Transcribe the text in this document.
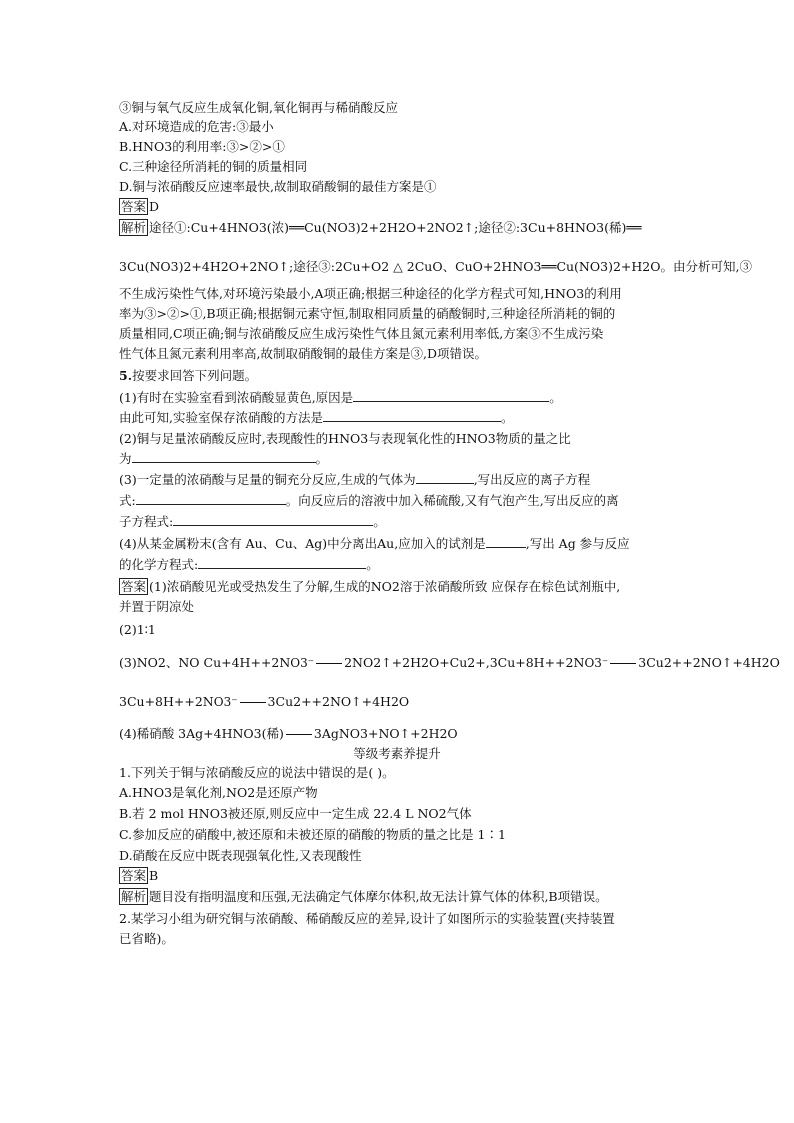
③铜与氧气反应生成氧化铜,氧化铜再与稀硝酸反应
A.对环境造成的危害:③最小
B.HNO3的利用率:③>②>①
C.三种途径所消耗的铜的质量相同
D.铜与浓硝酸反应速率最快,故制取硝酸铜的最佳方案是①
答案 D
解析 途径①:Cu+4HNO3(浓)══Cu(NO3)2+2H2O+2NO2↑;途径②:3Cu+8HNO3(稀)══
3Cu(NO3)2+4H2O+2NO↑;途径③:2Cu+O2 △ 2CuO、CuO+2HNO3══Cu(NO3)2+H2O。由分析可知,③
不生成污染性气体,对环境污染最小,A项正确;根据三种途径的化学方程式可知,HNO3的利用
率为③>②>①,B项正确;根据铜元素守恒,制取相同质量的硝酸铜时,三种途径所消耗的铜的
质量相同,C项正确;铜与浓硝酸反应生成污染性气体且氮元素利用率低,方案③不生成污染
性气体且氮元素利用率高,故制取硝酸铜的最佳方案是③,D项错误。
5.按要求回答下列问题。
(1)有时在实验室看到浓硝酸显黄色,原因是	。
由此可知,实验室保存浓硝酸的方法是	。
(2)铜与足量浓硝酸反应时,表现酸性的HNO3与表现氧化性的HNO3物质的量之比
为	。
(3)一定量的浓硝酸与足量的铜充分反应,生成的气体为	,写出反应的离子方程
式:	。向反应后的溶液中加入稀硫酸,又有气泡产生,写出反应的离
子方程式:	。
(4)从某金属粉末(含有 Au、Cu、Ag)中分离出Au,应加入的试剂是	,写出 Ag 参与反应
的化学方程式:	。
答案 (1)浓硝酸见光或受热发生了分解,生成的NO2溶于浓硝酸所致 应保存在棕色试剂瓶中,
并置于阴凉处
(2)1∶1
(3)NO2、NO Cu+4H++2NO3⁻ 2NO2↑+2H2O+Cu2+,3Cu+8H++2NO3⁻ 3Cu2++2NO↑+4H2O
3Cu+8H++2NO3⁻ 3Cu2++2NO↑+4H2O
(4)稀硝酸 3Ag+4HNO3(稀) 3AgNO3+NO↑+2H2O
等级考素养提升
1.下列关于铜与浓硝酸反应的说法中错误的是( )。
A.HNO3是氧化剂,NO2是还原产物
B.若 2 mol HNO3被还原,则反应中一定生成 22.4 L NO2气体
C.参加反应的硝酸中,被还原和未被还原的硝酸的物质的量之比是 1∶1
D.硝酸在反应中既表现强氧化性,又表现酸性
答案 B
解析 题目没有指明温度和压强,无法确定气体摩尔体积,故无法计算气体的体积,B项错误。
2.某学习小组为研究铜与浓硝酸、稀硝酸反应的差异,设计了如图所示的实验装置(夹持装置
已省略)。
